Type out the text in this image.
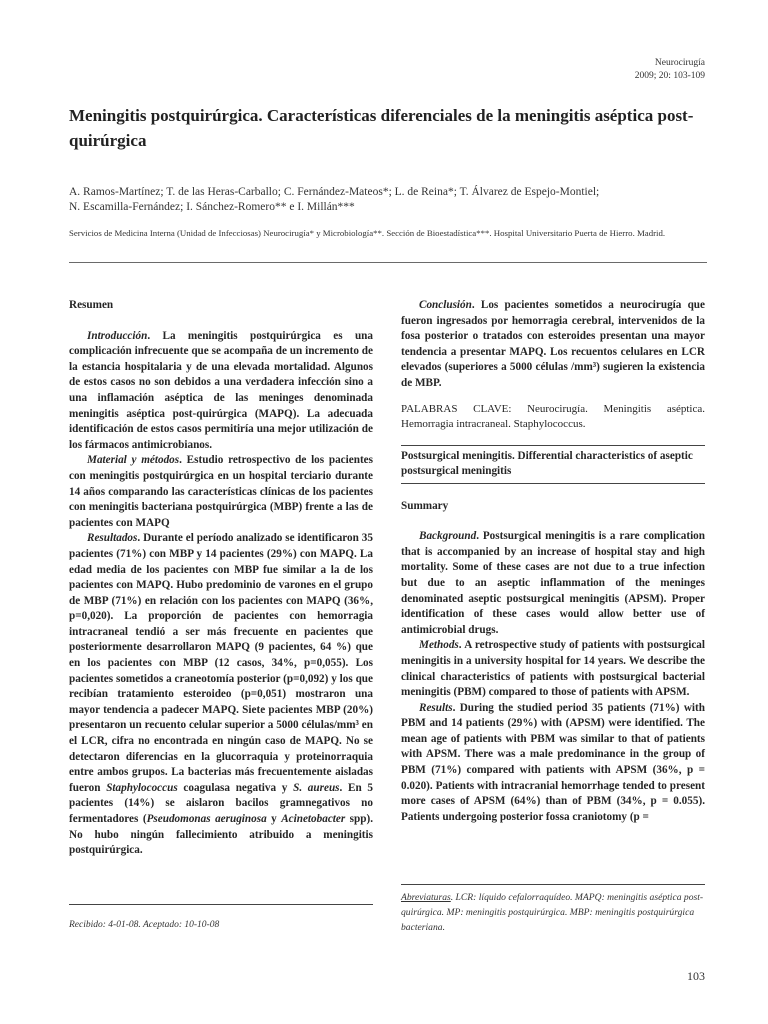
Neurocirugía
2009; 20: 103-109
Meningitis postquirúrgica. Características diferenciales de la meningitis aséptica post-quirúrgica
A. Ramos-Martínez; T. de las Heras-Carballo; C. Fernández-Mateos*; L. de Reina*; T. Álvarez de Espejo-Montiel;
N. Escamilla-Fernández; I. Sánchez-Romero** e I. Millán***
Servicios de Medicina Interna (Unidad de Infecciosas) Neurocirugía* y Microbiología**. Sección de Bioestadística***. Hospital Universitario Puerta de Hierro. Madrid.

Resumen

Introducción. La meningitis postquirúrgica es una complicación infrecuente que se acompaña de un incremento de la estancia hospitalaria y de una elevada mortalidad. Algunos de estos casos no son debidos a una verdadera infección sino a una inflamación aséptica de las meninges denominada meningitis aséptica post-quirúrgica (MAPQ). La adecuada identificación de estos casos permitiría una mejor utilización de los fármacos antimicrobianos.

Material y métodos. Estudio retrospectivo de los pacientes con meningitis postquirúrgica en un hospital terciario durante 14 años comparando las características clínicas de los pacientes con meningitis bacteriana postquirúrgica (MBP) frente a las de pacientes con MAPQ

Resultados. Durante el período analizado se identificaron 35 pacientes (71%) con MBP y 14 pacientes (29%) con MAPQ. La edad media de los pacientes con MBP fue similar a la de los pacientes con MAPQ. Hubo predominio de varones en el grupo de MBP (71%) en relación con los pacientes con MAPQ (36%, p=0,020). La proporción de pacientes con hemorragia intracraneal tendió a ser más frecuente en pacientes que posteriormente desarrollaron MAPQ (9 pacientes, 64 %) que en los pacientes con MBP (12 casos, 34%, p=0,055). Los pacientes sometidos a craneotomía posterior (p=0,092) y los que recibían tratamiento esteroideo (p=0,051) mostraron una mayor tendencia a padecer MAPQ. Siete pacientes MBP (20%) presentaron un recuento celular superior a 5000 células/mm³ en el LCR, cifra no encontrada en ningún caso de MAPQ. No se detectaron diferencias en la glucorraquia y proteinorraquia entre ambos grupos. La bacterias más frecuentemente aisladas fueron Staphylococcus coagulasa negativa y S. aureus. En 5 pacientes (14%) se aislaron bacilos gramnegativos no fermentadores (Pseudomonas aeruginosa y Acinetobacter spp). No hubo ningún fallecimiento atribuido a meningitis postquirúrgica.

Recibido: 4-01-08. Aceptado: 10-10-08

Conclusión. Los pacientes sometidos a neurocirugía que fueron ingresados por hemorragia cerebral, intervenidos de la fosa posterior o tratados con esteroides presentan una mayor tendencia a presentar MAPQ. Los recuentos celulares en LCR elevados (superiores a 5000 células /mm³) sugieren la existencia de MBP.

PALABRAS CLAVE: Neurocirugía. Meningitis aséptica. Hemorragia intracraneal. Staphylococcus.

Postsurgical meningitis. Differential characteristics of aseptic postsurgical meningitis

Summary

Background. Postsurgical meningitis is a rare complication that is accompanied by an increase of hospital stay and high mortality. Some of these cases are not due to a true infection but due to an aseptic inflammation of the meninges denominated aseptic postsurgical meningitis (APSM). Proper identification of these cases would allow better use of antimicrobial drugs.

Methods. A retrospective study of patients with postsurgical meningitis in a university hospital for 14 years. We describe the clinical characteristics of patients with postsurgical bacterial meningitis (PBM) compared to those of patients with APSM.

Results. During the studied period 35 patients (71%) with PBM and 14 patients (29%) with (APSM) were identified. The mean age of patients with PBM was similar to that of patients with APSM. There was a male predominance in the group of PBM (71%) compared with patients with APSM (36%, p = 0.020). Patients with intracranial hemorrhage tended to present more cases of APSM (64%) than of PBM (34%, p = 0.055). Patients undergoing posterior fossa craniotomy (p =

Abreviaturas. LCR: líquido cefalorraquídeo. MAPQ: meningitis aséptica post-quirúrgica. MP: meningitis postquirúrgica. MBP: meningitis postquirúrgica bacteriana.
103
